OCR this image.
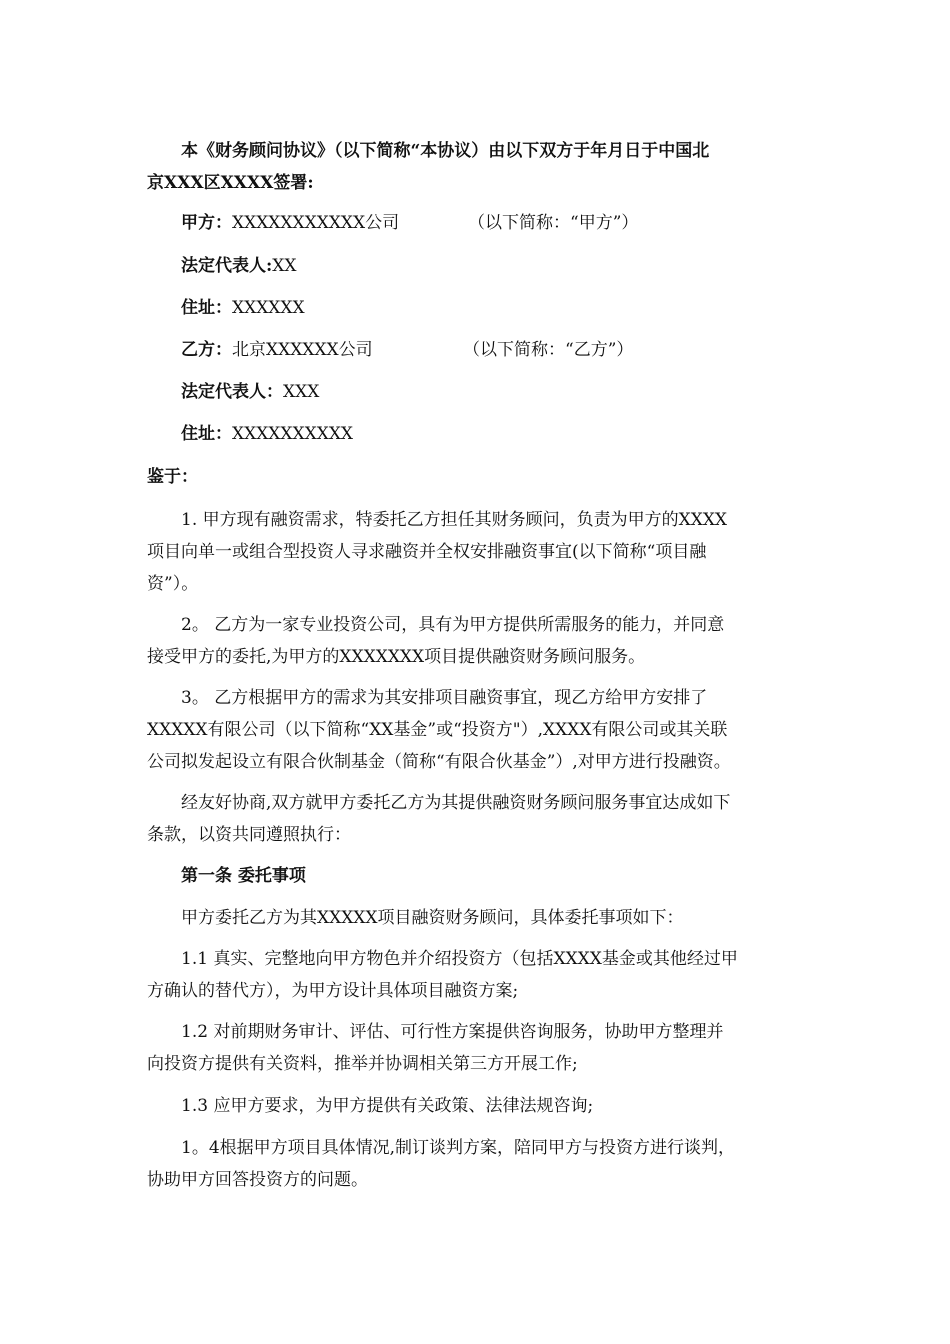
本《财务顾问协议》（以下简称“本协议）由以下双方于年月日于中国北

京XXX区XXXX签署:

甲方：XXXXXXXXXXX公司	（以下简称：“甲方”）

法定代表人:XX

住址：XXXXXX

乙方：北京XXXXXX公司	（以下简称：“乙方”）

法定代表人：XXX

住址：XXXXXXXXXX

鉴于：

1. 甲方现有融资需求，特委托乙方担任其财务顾问，负责为甲方的XXXX

项目向单一或组合型投资人寻求融资并全权安排融资事宜(以下简称“项目融

资”）。

2。 乙方为一家专业投资公司，具有为甲方提供所需服务的能力，并同意

接受甲方的委托,为甲方的XXXXXXX项目提供融资财务顾问服务。

3。 乙方根据甲方的需求为其安排项目融资事宜，现乙方给甲方安排了

XXXXX有限公司（以下简称“XX基金”或“投资方"）,XXXX有限公司或其关联

公司拟发起设立有限合伙制基金（简称“有限合伙基金”）,对甲方进行投融资。

经友好协商,双方就甲方委托乙方为其提供融资财务顾问服务事宜达成如下

条款，以资共同遵照执行：

第一条 委托事项

甲方委托乙方为其XXXXX项目融资财务顾问，具体委托事项如下：

1.1 真实、完整地向甲方物色并介绍投资方（包括XXXX基金或其他经过甲

方确认的替代方），为甲方设计具体项目融资方案;

1.2 对前期财务审计、评估、可行性方案提供咨询服务，协助甲方整理并

向投资方提供有关资料，推举并协调相关第三方开展工作;

1.3 应甲方要求，为甲方提供有关政策、法律法规咨询;

1。4根据甲方项目具体情况,制订谈判方案，陪同甲方与投资方进行谈判，

协助甲方回答投资方的问题。
